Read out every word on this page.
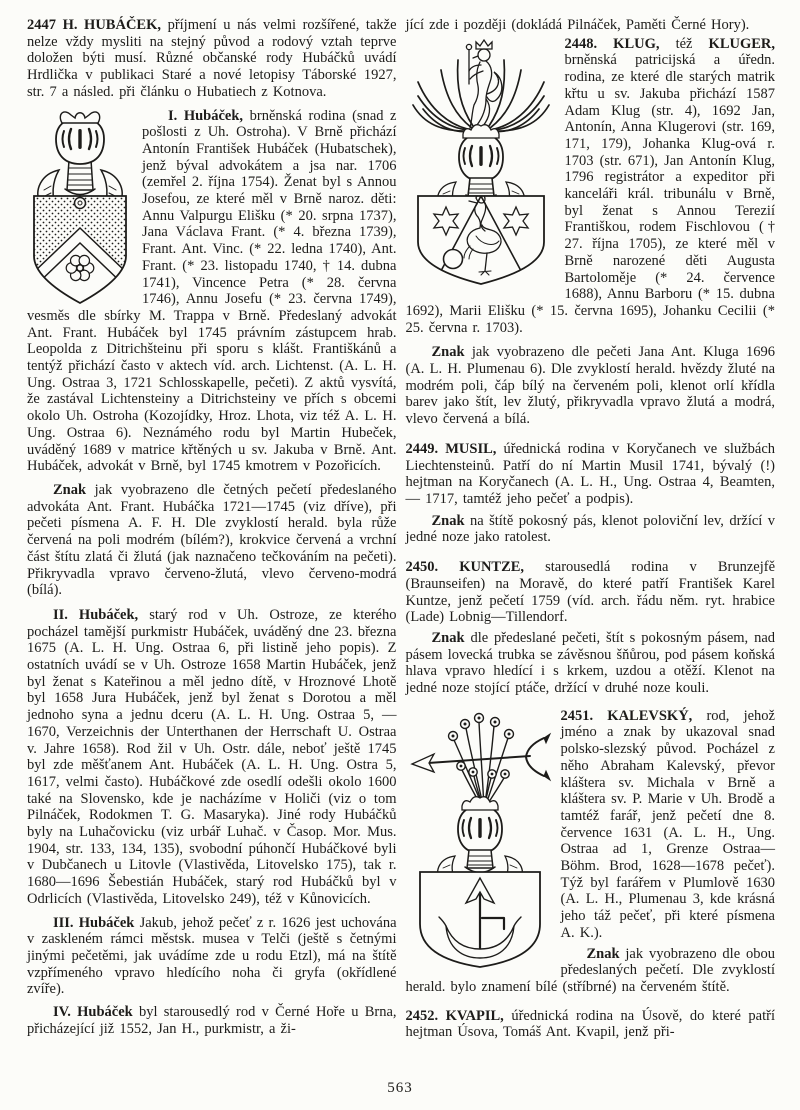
2447 H. HUBÁČEK, příjmení u nás velmi rozšířené, takže nelze vždy mysliti na stejný původ a rodový vztah teprve doložen býti musí. Různé občanské rody Hubáčků uvádí Hrdlička v publikaci Staré a nové letopisy Táborské 1927, str. 7 a násled. při článku o Hubatiech z Kotnova.

I. Hubáček, brněnská rodina (snad z pošlosti z Uh. Ostroha). V Brně přichází Antonín František Hubáček (Hubatschek), jenž býval advokátem a jsa nar. 1706 (zemřel 2. října 1754). Ženat byl s Annou Josefou, ze které měl v Brně naroz. děti: Annu Valpurgu Elišku (* 20. srpna 1737), Jana Václava Frant. (* 4. března 1739), Frant. Ant. Vinc. (* 22. ledna 1740), Ant. Frant. (* 23. listopadu 1740, † 14. dubna 1741), Vincence Petra (* 28. června 1746), Annu Josefu (* 23. června 1749), vesměs dle sbírky M. Trappa v Brně. Předeslaný advokát Ant. Frant. Hubáček byl 1745 právním zástupcem hrab. Leopolda z Ditrichšteinu při sporu s klášt. Františkánů a tentýž přichází často v aktech víd. arch. Lichtenst. (A. L. H. Ung. Ostraa 3, 1721 Schlosskapelle, pečeti). Z aktů vysvítá, že zastával Lichtensteiny a Ditrichsteiny ve přích s obcemi okolo Uh. Ostroha (Kozojídky, Hroz. Lhota, viz též A. L. H. Ung. Ostraa 6). Neznámého rodu byl Martin Hubeček, uváděný 1689 v matrice křtěných u sv. Jakuba v Brně. Ant. Hubáček, advokát v Brně, byl 1745 kmotrem v Pozořicích.

Znak jak vyobrazeno dle četných pečetí předeslaného advokáta Ant. Frant. Hubáčka 1721—1745 (viz dříve), při pečeti písmena A. F. H. Dle zvyklostí herald. byla růže červená na poli modrém (bílém?), krokvice červená a vrchní část štítu zlatá či žlutá (jak naznačeno tečkováním na pečeti). Přikryvadla vpravo červeno-žlutá, vlevo červeno-modrá (bílá).

II. Hubáček, starý rod v Uh. Ostroze, ze kterého pocházel tamější purkmistr Hubáček, uváděný dne 23. března 1675 (A. L. H. Ung. Ostraa 6, při listině jeho popis). Z ostatních uvádí se v Uh. Ostroze 1658 Martin Hubáček, jenž byl ženat s Kateřinou a měl jedno dítě, v Hroznové Lhotě byl 1658 Jura Hubáček, jenž byl ženat s Dorotou a měl jednoho syna a jednu dceru (A. L. H. Ung. Ostraa 5, —1670, Verzeichnis der Unterthanen der Herrschaft U. Ostraa v. Jahre 1658). Rod žil v Uh. Ostr. dále, neboť ještě 1745 byl zde měšťanem Ant. Hubáček (A. L. H. Ung. Ostra 5, 1617, velmi často). Hubáčkové zde osedlí odešli okolo 1600 také na Slovensko, kde je nacházíme v Holiči (viz o tom Pilnáček, Rodokmen T. G. Masaryka). Jiné rody Hubáčků byly na Luhačovicku (viz urbář Luhač. v Časop. Mor. Mus. 1904, str. 133, 134, 135), svobodní púhončí Hubáčkové byli v Dubčanech u Litovle (Vlastivěda, Litovelsko 175), tak r. 1680—1696 Šebestián Hubáček, starý rod Hubáčků byl v Odrlicích (Vlastivěda, Litovelsko 249), též v Kůnovicích.

III. Hubáček Jakub, jehož pečeť z r. 1626 jest uchována v zaskleném rámci městsk. musea v Telči (ještě s četnými jinými pečetěmi, jak uvádíme zde u rodu Etzl), má na štítě vzpřímeného vpravo hledícího noha či gryfa (okřídlené zvíře).

IV. Hubáček byl starousedlý rod v Černé Hoře u Brna, přicházející již 1552, Jan H., purkmistr, a ži-

jící zde i později (dokládá Pilnáček, Paměti Černé Hory).

2448. KLUG, též KLUGER,
brněnská patricijská a úředn. rodina, ze které dle starých matrik křtu u sv. Jakuba přichází 1587 Adam Klug (str. 4), 1692 Jan, Antonín, Anna Klugerovi (str. 169, 171, 179), Johanka Klug-ová r. 1703 (str. 671), Jan Antonín Klug, 1796 registrátor a expeditor při kanceláři král. tribunálu v Brně, byl ženat s Annou Terezií Františkou, rodem Fischlovou († 27. října 1705), ze které měl v Brně narozené děti Augusta Bartoloměje (* 24. července 1688), Annu Barboru (* 15. dubna 1692), Marii Elišku (* 15. června 1695), Johanku Cecilii (* 25. června r. 1703).

Znak jak vyobrazeno dle pečeti Jana Ant. Kluga 1696 (A. L. H. Plumenau 6). Dle zvyklostí herald. hvězdy žluté na modrém poli, čáp bílý na červeném poli, klenot orlí křídla barev jako štít, lev žlutý, přikryvadla vpravo žlutá a modrá, vlevo červená a bílá.

2449. MUSIL, úřednická rodina v Koryčanech ve službách Liechtensteinů. Patří do ní Martin Musil 1741, bývalý (!) hejtman na Koryčanech (A. L. H., Ung. Ostraa 4, Beamten, — 1717, tamtéž jeho pečeť a podpis).

Znak na štítě pokosný pás, klenot poloviční lev, držící v jedné noze jako ratolest.

2450. KUNTZE, starousedlá rodina v Brunzejfě (Braunseifen) na Moravě, do které patří František Karel Kuntze, jenž pečetí 1759 (víd. arch. řádu něm. ryt. hrabice (Lade) Lobnig—Tillendorf.

Znak dle předeslané pečeti, štít s pokosným pásem, nad pásem lovecká trubka se závěsnou šňůrou, pod pásem koňská hlava vpravo hledící i s krkem, uzdou a otěží. Klenot na jedné noze stojící ptáče, držící v druhé noze kouli.

2451. KALEVSKÝ, rod, jehož jméno a znak by ukazoval snad polsko-slezský původ. Pocházel z něho Abraham Kalevský, převor kláštera sv. Michala v Brně a kláštera sv. P. Marie v Uh. Brodě a tamtéž farář, jenž pečetí dne 8. července 1631 (A. L. H., Ung. Ostraa ad 1, Grenze Ostraa—Böhm. Brod, 1628—1678 pečeť). Týž byl farářem v Plumlově 1630 (A. L. H., Plumenau 3, kde krásná jeho táž pečeť, při které písmena A. K.).

Znak jak vyobrazeno dle obou předeslaných pečetí. Dle zvyklostí herald. bylo znamení bílé (stříbrné) na červeném štítě.

2452. KVAPIL, úřednická rodina na Úsově, do které patří hejtman Úsova, Tomáš Ant. Kvapil, jenž při-

563
